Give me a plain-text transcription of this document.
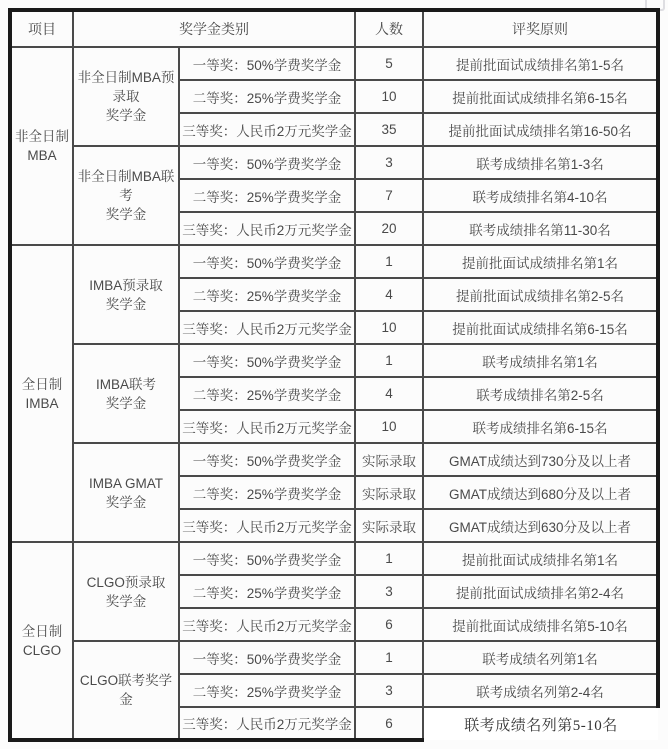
项目	奖学金类别		人数	评奖原则

非全日制
MBA

非全日制MBA预
录取
奖学金
	一等奖：50%学费奖学金	5	提前批面试成绩排名第1-5名
		二等奖：25%学费奖学金	10	提前批面试成绩排名第6-15名
		三等奖：人民币2万元奖学金	35	提前批面试成绩排名第16-50名

	非全日制MBA联
考
奖学金	一等奖：50%学费奖学金	3	联考成绩排名第1-3名
		二等奖：25%学费奖学金	7	联考成绩排名第4-10名
		三等奖：人民币2万元奖学金	20	联考成绩排名第11-30名

全日制
IMBA

IMBA预录取
奖学金
	一等奖：50%学费奖学金	1	提前批面试成绩排名第1名
		二等奖：25%学费奖学金	4	提前批面试成绩排名第2-5名
		三等奖：人民币2万元奖学金	10	提前批面试成绩排名第6-15名

	IMBA联考
奖学金	一等奖：50%学费奖学金	1	联考成绩排名第1名
		二等奖：25%学费奖学金	4	联考成绩排名第2-5名
		三等奖：人民币2万元奖学金	10	联考成绩排名第6-15名

	IMBA GMAT
奖学金	一等奖：50%学费奖学金	实际录取	GMAT成绩达到730分及以上者
		二等奖：25%学费奖学金	实际录取	GMAT成绩达到680分及以上者
		三等奖：人民币2万元奖学金	实际录取	GMAT成绩达到630分及以上者

全日制
CLGO

CLGO预录取
奖学金
	一等奖：50%学费奖学金	1	提前批面试成绩排名第1名
		二等奖：25%学费奖学金	3	提前批面试成绩排名第2-4名
		三等奖：人民币2万元奖学金	6	提前批面试成绩排名第5-10名

	CLGO联考奖学金	一等奖：50%学费奖学金	1	联考成绩名列第1名
		二等奖：25%学费奖学金	3	联考成绩名列第2-4名
		三等奖：人民币2万元奖学金	6	联考成绩名列第5-10名
